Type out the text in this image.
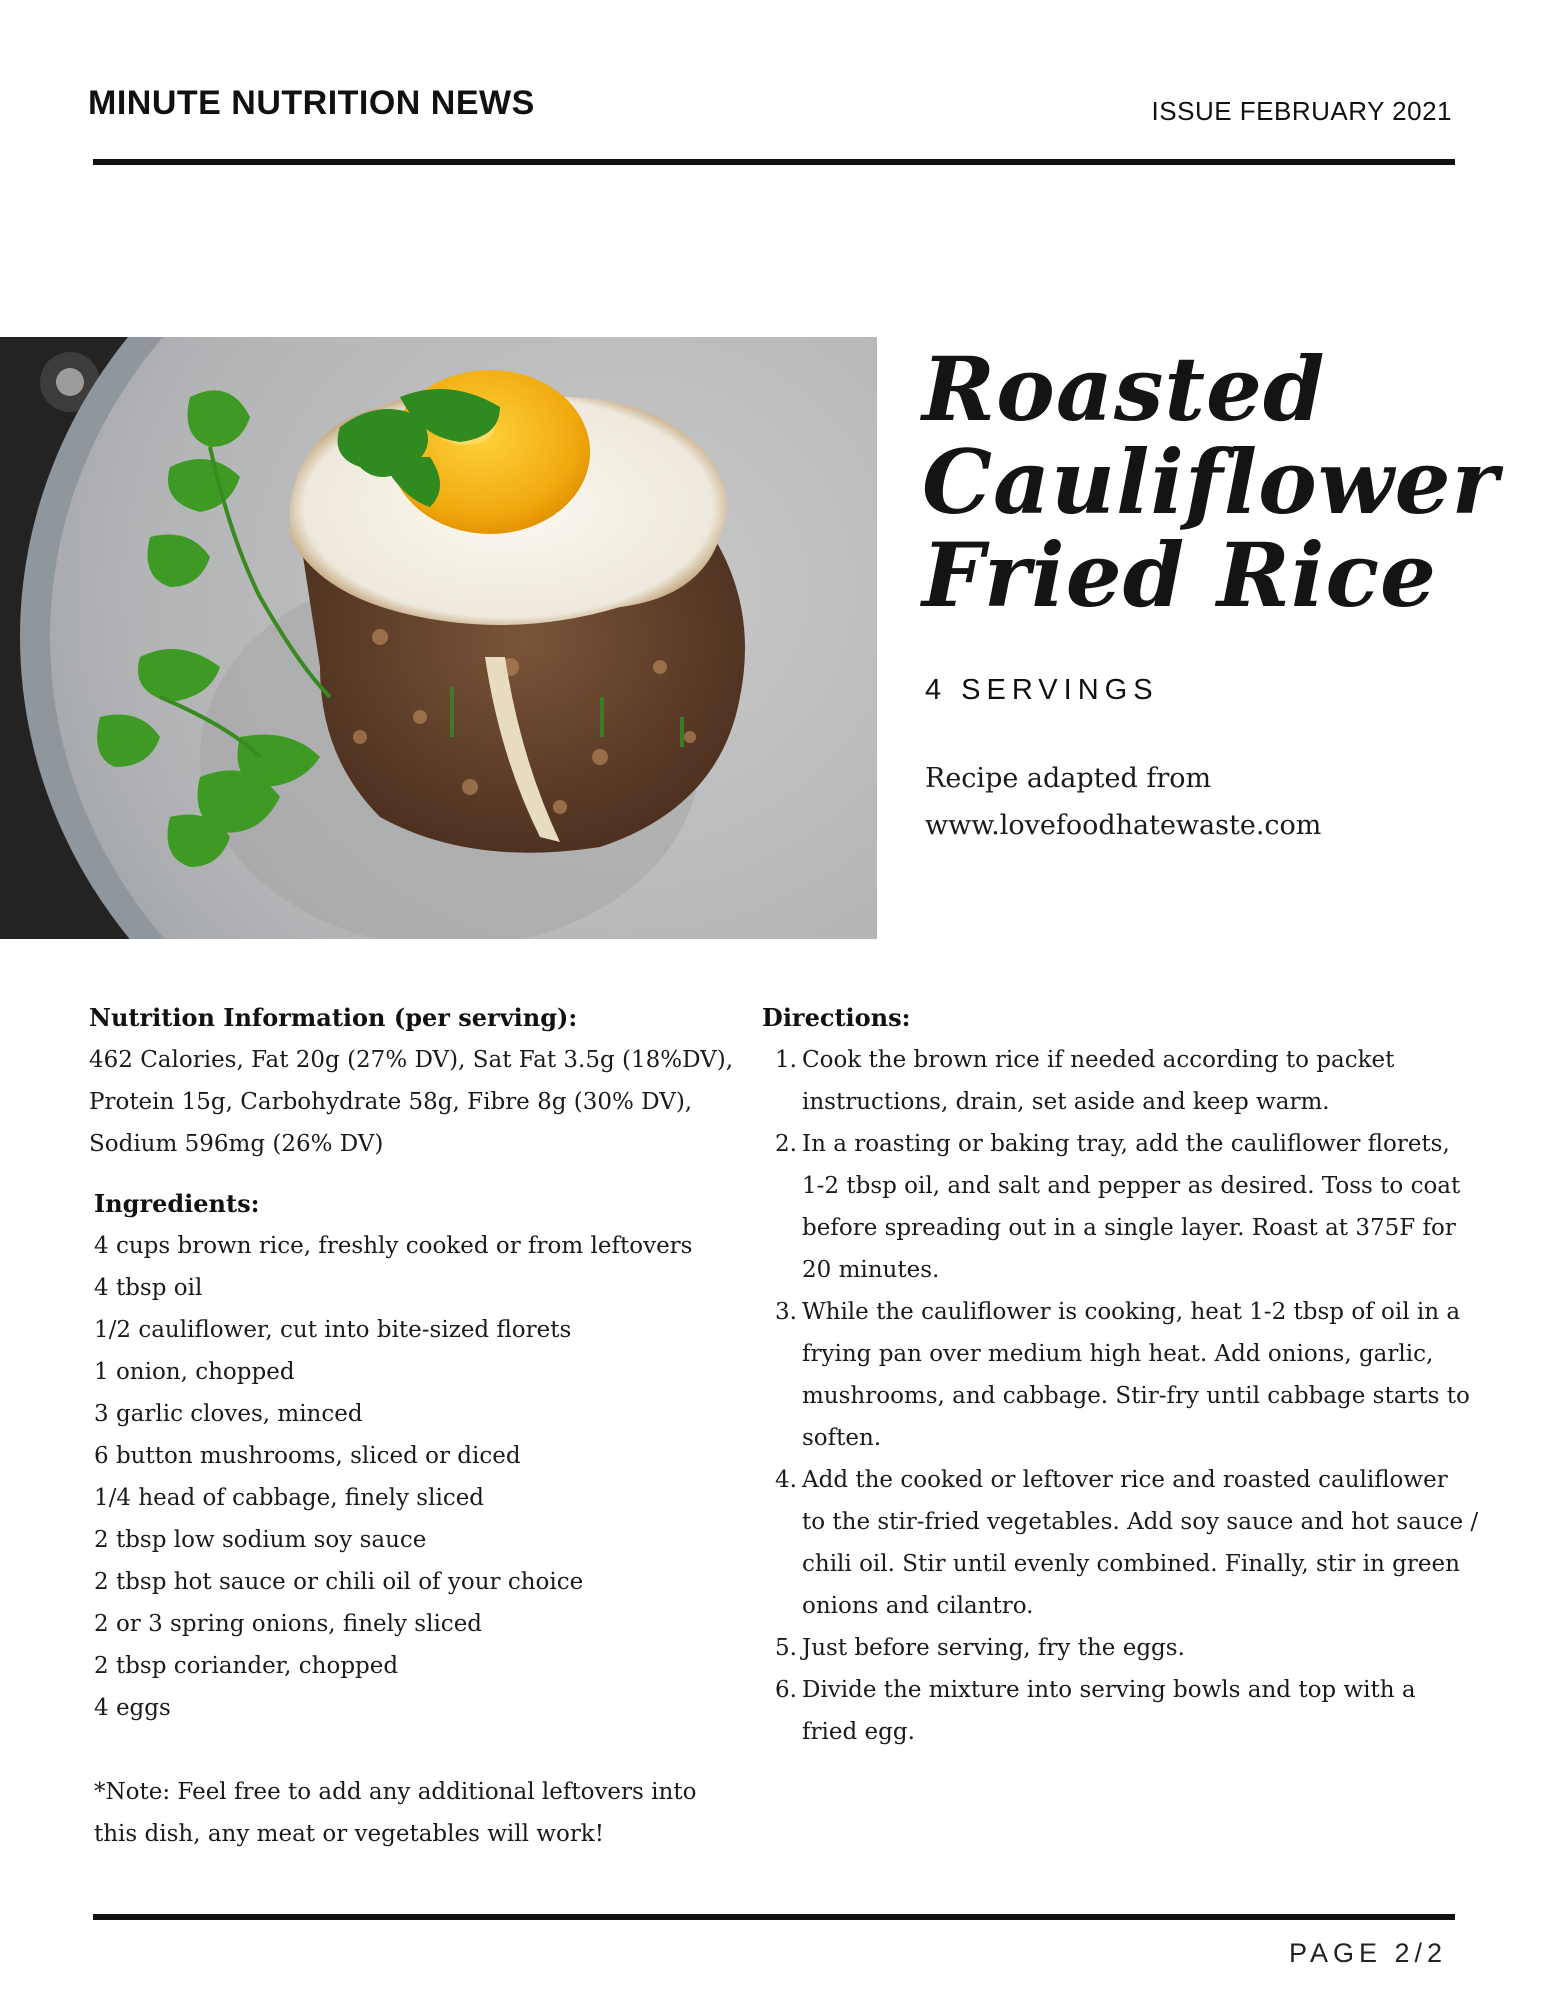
MINUTE NUTRITION NEWS	ISSUE FEBRUARY 2021
Roasted
Cauliflower
Fried Rice
4 SERVINGS
Recipe adapted from
www.lovefoodhatewaste.com
Nutrition Information (per serving):
462 Calories, Fat 20g (27% DV), Sat Fat 3.5g (18%DV),
Protein 15g, Carbohydrate 58g, Fibre 8g (30% DV),
Sodium 596mg (26% DV)
Ingredients:
4 cups brown rice, freshly cooked or from leftovers
4 tbsp oil
1/2 cauliflower, cut into bite-sized florets
1 onion, chopped
3 garlic cloves, minced
6 button mushrooms, sliced or diced
1/4 head of cabbage, finely sliced
2 tbsp low sodium soy sauce
2 tbsp hot sauce or chili oil of your choice
2 or 3 spring onions, finely sliced
2 tbsp coriander, chopped
4 eggs
*Note: Feel free to add any additional leftovers into
this dish, any meat or vegetables will work!
Directions:
1. Cook the brown rice if needed according to packet
instructions, drain, set aside and keep warm.
2. In a roasting or baking tray, add the cauliflower florets,
1-2 tbsp oil, and salt and pepper as desired. Toss to coat
before spreading out in a single layer. Roast at 375F for
20 minutes.
3. While the cauliflower is cooking, heat 1-2 tbsp of oil in a
frying pan over medium high heat. Add onions, garlic,
mushrooms, and cabbage. Stir-fry until cabbage starts to
soften.
4. Add the cooked or leftover rice and roasted cauliflower
to the stir-fried vegetables. Add soy sauce and hot sauce /
chili oil. Stir until evenly combined. Finally, stir in green
onions and cilantro.
5. Just before serving, fry the eggs.
6. Divide the mixture into serving bowls and top with a
fried egg.
PAGE 2/2
